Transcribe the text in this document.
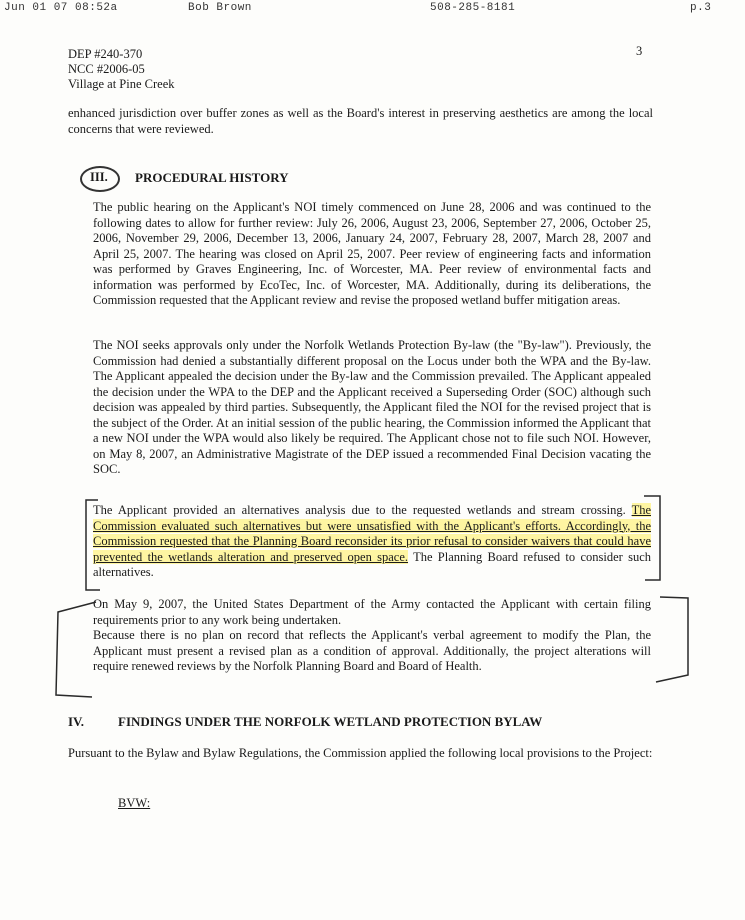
Jun 01 07 08:52a	Bob Brown	508-285-8181	p.3
DEP #240-370
NCC #2006-05
Village at Pine Creek
3
enhanced jurisdiction over buffer zones as well as the Board's interest in preserving aesthetics are among the local concerns that were reviewed.
III. PROCEDURAL HISTORY
The public hearing on the Applicant's NOI timely commenced on June 28, 2006 and was continued to the following dates to allow for further review: July 26, 2006, August 23, 2006, September 27, 2006, October 25, 2006, November 29, 2006, December 13, 2006, January 24, 2007, February 28, 2007, March 28, 2007 and April 25, 2007. The hearing was closed on April 25, 2007. Peer review of engineering facts and information was performed by Graves Engineering, Inc. of Worcester, MA. Peer review of environmental facts and information was performed by EcoTec, Inc. of Worcester, MA. Additionally, during its deliberations, the Commission requested that the Applicant review and revise the proposed wetland buffer mitigation areas.
The NOI seeks approvals only under the Norfolk Wetlands Protection By-law (the "By-law"). Previously, the Commission had denied a substantially different proposal on the Locus under both the WPA and the By-law. The Applicant appealed the decision under the By-law and the Commission prevailed. The Applicant appealed the decision under the WPA to the DEP and the Applicant received a Superseding Order (SOC) although such decision was appealed by third parties. Subsequently, the Applicant filed the NOI for the revised project that is the subject of the Order. At an initial session of the public hearing, the Commission informed the Applicant that a new NOI under the WPA would also likely be required. The Applicant chose not to file such NOI. However, on May 8, 2007, an Administrative Magistrate of the DEP issued a recommended Final Decision vacating the SOC.
The Applicant provided an alternatives analysis due to the requested wetlands and stream crossing. The Commission evaluated such alternatives but were unsatisfied with the Applicant's efforts. Accordingly, the Commission requested that the Planning Board reconsider its prior refusal to consider waivers that could have prevented the wetlands alteration and preserved open space. The Planning Board refused to consider such alternatives.
On May 9, 2007, the United States Department of the Army contacted the Applicant with certain filing requirements prior to any work being undertaken.
Because there is no plan on record that reflects the Applicant's verbal agreement to modify the Plan, the Applicant must present a revised plan as a condition of approval. Additionally, the project alterations will require renewed reviews by the Norfolk Planning Board and Board of Health.
IV.	FINDINGS UNDER THE NORFOLK WETLAND PROTECTION BYLAW
Pursuant to the Bylaw and Bylaw Regulations, the Commission applied the following local provisions to the Project:
BVW:
